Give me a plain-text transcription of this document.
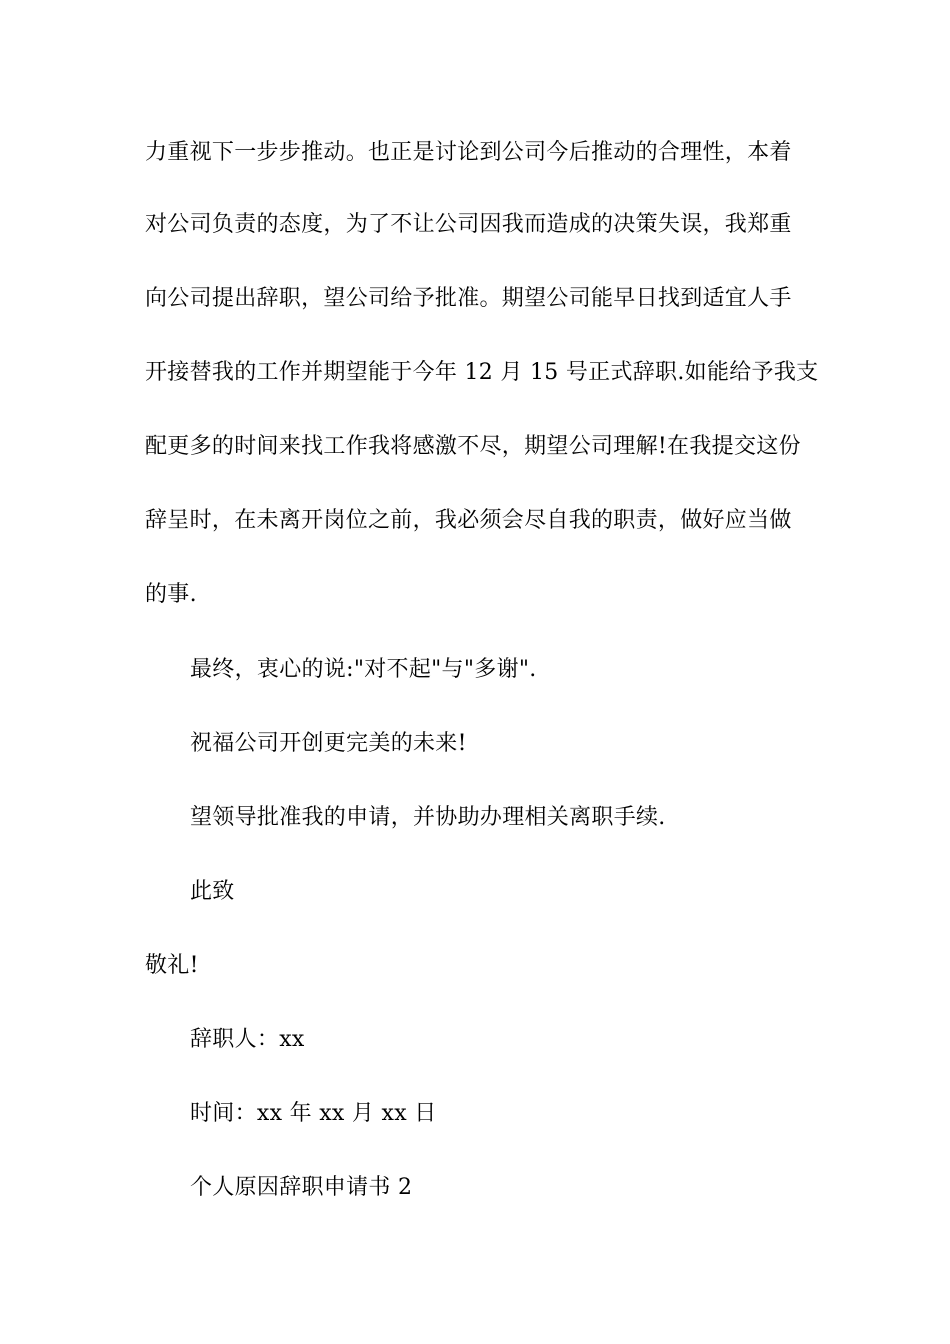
力重视下一步步推动。也正是讨论到公司今后推动的合理性，本着
对公司负责的态度，为了不让公司因我而造成的决策失误，我郑重
向公司提出辞职，望公司给予批准。期望公司能早日找到适宜人手
开接替我的工作并期望能于今年 12 月 15 号正式辞职.如能给予我支
配更多的时间来找工作我将感激不尽，期望公司理解!在我提交这份
辞呈时，在未离开岗位之前，我必须会尽自我的职责，做好应当做
的事.
最终，衷心的说:"对不起"与"多谢".
祝福公司开创更完美的未来!
望领导批准我的申请，并协助办理相关离职手续.
此致
敬礼!
辞职人：xx
时间：xx 年 xx 月 xx 日
个人原因辞职申请书 2
